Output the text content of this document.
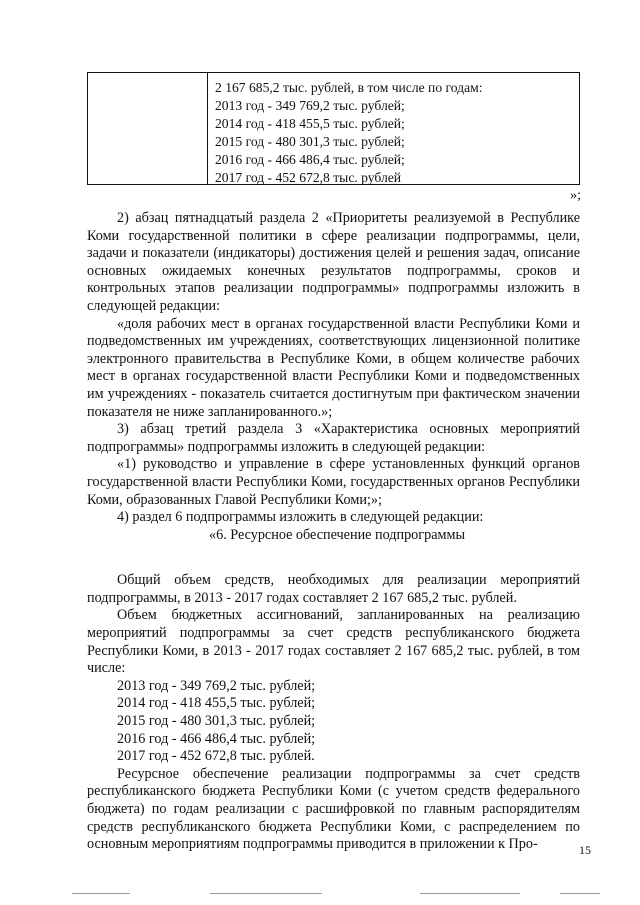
2 167 685,2 тыс. рублей, в том числе по годам:
2013 год - 349 769,2 тыс. рублей;
2014 год - 418 455,5 тыс. рублей;
2015 год - 480 301,3 тыс. рублей;
2016 год - 466 486,4 тыс. рублей;
2017 год - 452 672,8 тыс. рублей
»;

2) абзац пятнадцатый раздела 2 «Приоритеты реализуемой в Республике Коми государственной политики в сфере реализации подпрограммы, цели, задачи и показатели (индикаторы) достижения целей и решения задач, описание основных ожидаемых конечных результатов подпрограммы, сроков и контрольных этапов реализации подпрограммы» подпрограммы изложить в следующей редакции:

«доля рабочих мест в органах государственной власти Республики Коми и подведомственных им учреждениях, соответствующих лицензионной политике электронного правительства в Республике Коми, в общем количестве рабочих мест в органах государственной власти Республики Коми и подведомственных им учреждениях - показатель считается достигнутым при фактическом значении показателя не ниже запланированного.»;

3) абзац третий раздела 3 «Характеристика основных мероприятий подпрограммы» подпрограммы изложить в следующей редакции:

«1) руководство и управление в сфере установленных функций органов государственной власти Республики Коми, государственных органов Республики Коми, образованных Главой Республики Коми;»;

4) раздел 6 подпрограммы изложить в следующей редакции:

«6. Ресурсное обеспечение подпрограммы

Общий объем средств, необходимых для реализации мероприятий подпрограммы, в 2013 - 2017 годах составляет 2 167 685,2 тыс. рублей.

Объем бюджетных ассигнований, запланированных на реализацию мероприятий подпрограммы за счет средств республиканского бюджета Республики Коми, в 2013 - 2017 годах составляет 2 167 685,2 тыс. рублей, в том числе:

2013 год - 349 769,2 тыс. рублей;
2014 год - 418 455,5 тыс. рублей;
2015 год - 480 301,3 тыс. рублей;
2016 год - 466 486,4 тыс. рублей;
2017 год - 452 672,8 тыс. рублей.

Ресурсное обеспечение реализации подпрограммы за счет средств республиканского бюджета Республики Коми (с учетом средств федерального бюджета) по годам реализации с расшифровкой по главным распорядителям средств республиканского бюджета Республики Коми, с распределением по основным мероприятиям подпрограммы приводится в приложении к Про-	15
